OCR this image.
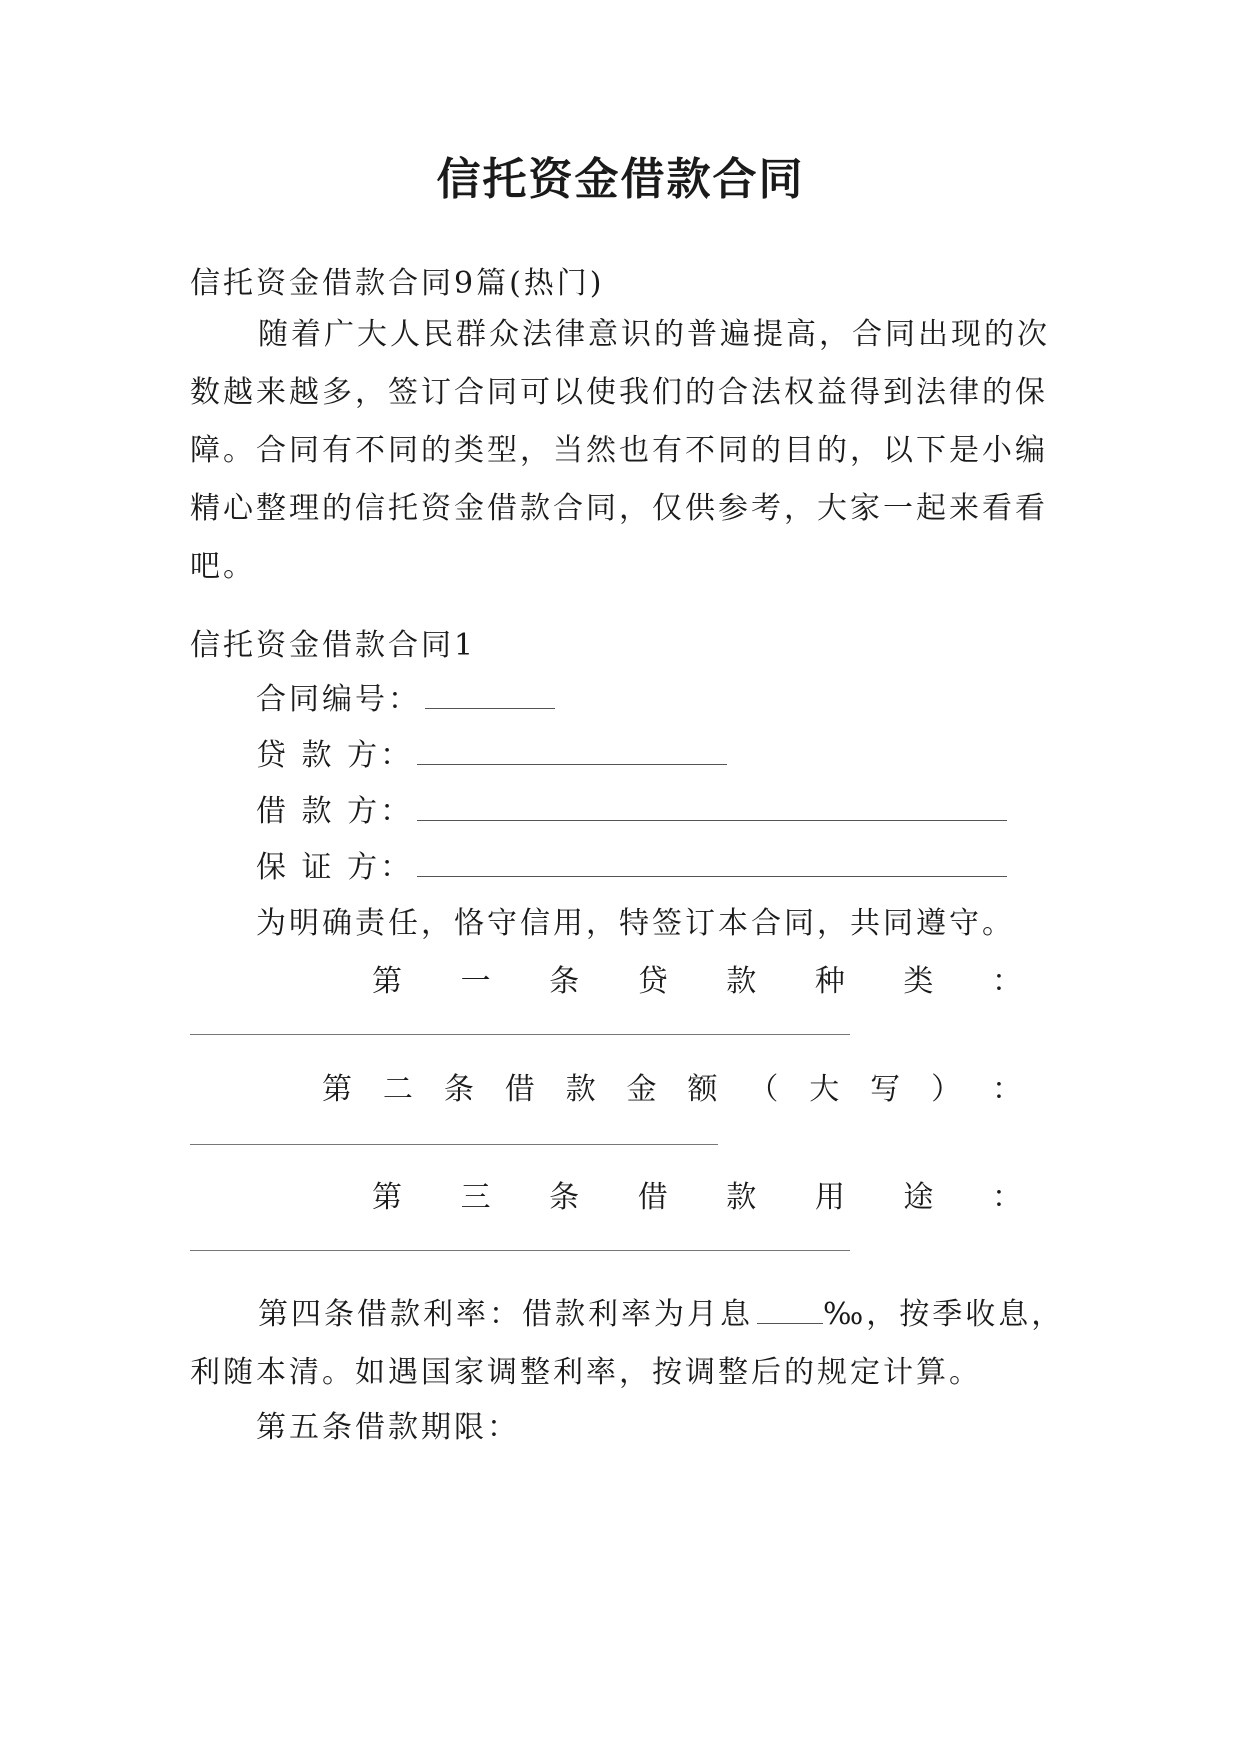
信托资金借款合同
信托资金借款合同9篇(热门)
随着广大人民群众法律意识的普遍提高，合同出现的次数越来越多，签订合同可以使我们的合法权益得到法律的保障。合同有不同的类型，当然也有不同的目的，以下是小编精心整理的信托资金借款合同，仅供参考，大家一起来看看吧。
信托资金借款合同1
合同编号：
贷 款 方：
借 款 方：
保 证 方：
为明确责任，恪守信用，特签订本合同，共同遵守。
第 一 条 贷 款 种 类 ：
第 二 条 借 款 金 额 （ 大 写 ） ：
第 三 条 借 款 用 途 ：
第四条借款利率：借款利率为月息 ‰，按季收息，利随本清。如遇国家调整利率，按调整后的规定计算。
第五条借款期限：
